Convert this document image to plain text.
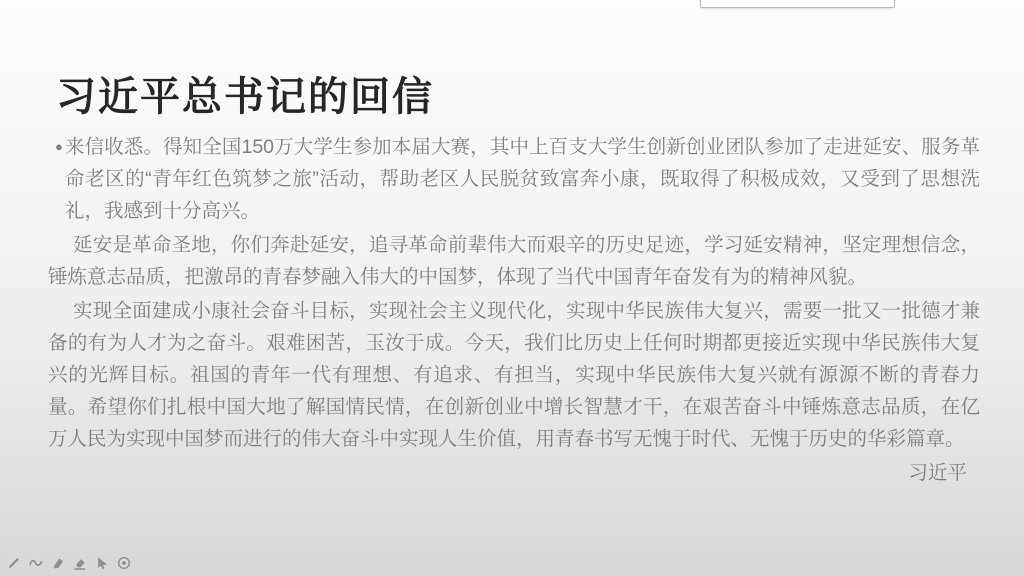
习近平总书记的回信

● 来信收悉。得知全国150万大学生参加本届大赛，其中上百支大学生创新创业团队参加了走进延安、服务革命老区的“青年红色筑梦之旅”活动，帮助老区人民脱贫致富奔小康，既取得了积极成效，又受到了思想洗礼，我感到十分高兴。

延安是革命圣地，你们奔赴延安，追寻革命前辈伟大而艰辛的历史足迹，学习延安精神，坚定理想信念，锤炼意志品质，把激昂的青春梦融入伟大的中国梦，体现了当代中国青年奋发有为的精神风貌。

实现全面建成小康社会奋斗目标，实现社会主义现代化，实现中华民族伟大复兴，需要一批又一批德才兼备的有为人才为之奋斗。艰难困苦，玉汝于成。今天，我们比历史上任何时期都更接近实现中华民族伟大复兴的光辉目标。祖国的青年一代有理想、有追求、有担当，实现中华民族伟大复兴就有源源不断的青春力量。希望你们扎根中国大地了解国情民情，在创新创业中增长智慧才干，在艰苦奋斗中锤炼意志品质，在亿万人民为实现中国梦而进行的伟大奋斗中实现人生价值，用青春书写无愧于时代、无愧于历史的华彩篇章。

习近平
